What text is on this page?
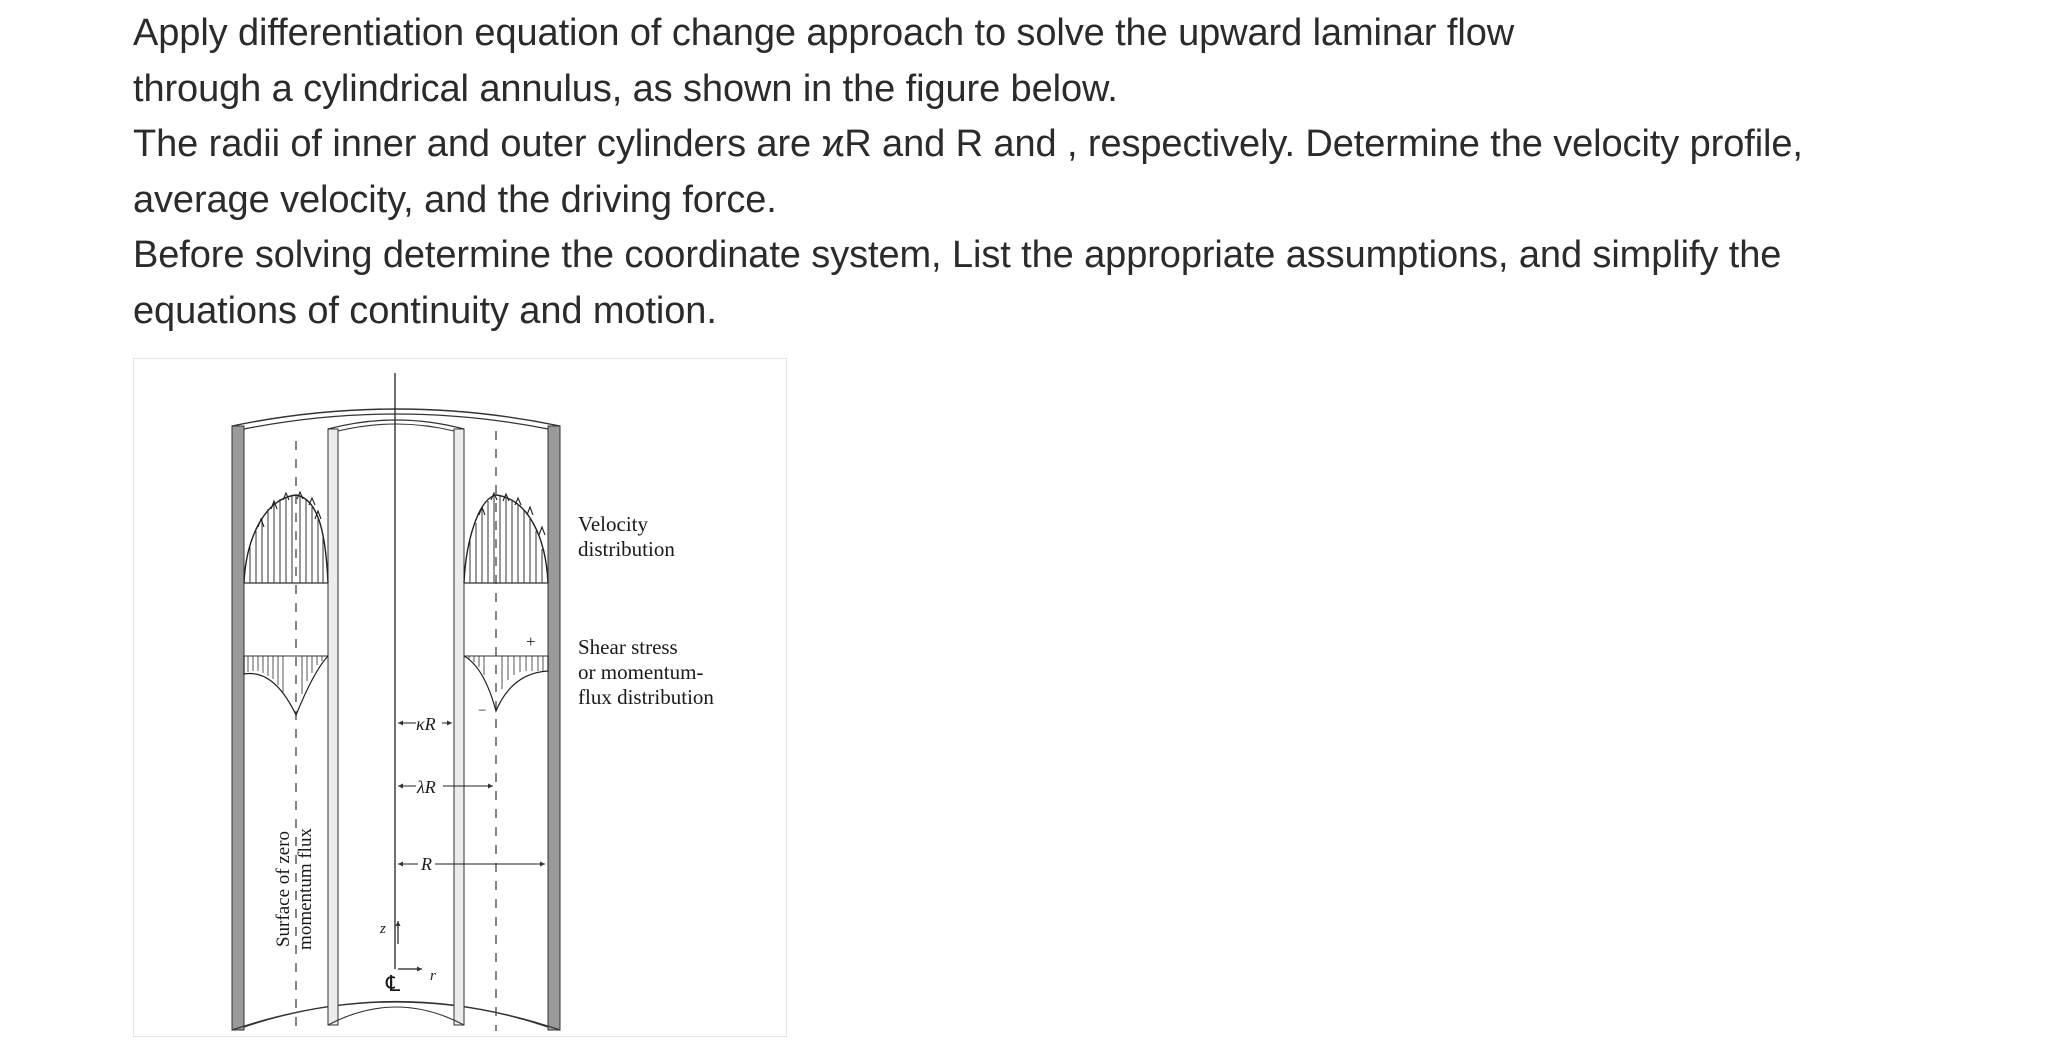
Apply differentiation equation of change approach to solve the upward laminar flow

through a cylindrical annulus, as shown in the figure below.

The radii of inner and outer cylinders are ϰR and R and , respectively. Determine the velocity profile,

average velocity, and the driving force.

Before solving determine the coordinate system, List the appropriate assumptions, and simplify the

equations of continuity and motion.

+
−
κR
λR
R
z
r
℄
Surface of zero momentum flux
Velocity
distribution
Shear stress
or momentum-
flux distribution
